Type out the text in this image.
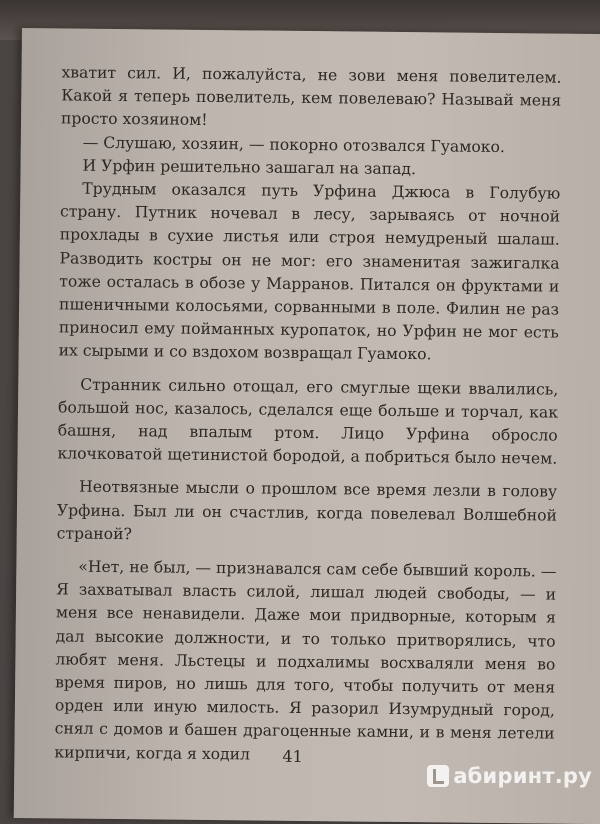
хватит сил. И, пожалуйста, не зови меня повелителем. Какой я теперь повелитель, кем повелеваю? Называй меня просто хозяином!

— Слушаю, хозяин, — покорно отозвался Гуамоко.

И Урфин решительно зашагал на запад.

Трудным оказался путь Урфина Джюса в Голубую страну. Путник ночевал в лесу, зарываясь от ночной прохлады в сухие листья или строя немудреный шалаш. Разводить костры он не мог: его знаменитая зажигалка тоже осталась в обозе у Марранов. Питался он фруктами и пшеничными колосьями, сорванными в поле. Филин не раз приносил ему пойманных куропаток, но Урфин не мог есть их сырыми и со вздохом возвращал Гуамоко.

Странник сильно отощал, его смуглые щеки ввалились, большой нос, казалось, сделался еще больше и торчал, как башня, над впалым ртом. Лицо Урфина обросло клочковатой щетинистой бородой, а побриться было нечем.

Неотвязные мысли о прошлом все время лезли в голову Урфина. Был ли он счастлив, когда повелевал Волшебной страной?

«Нет, не был, — признавался сам себе бывший король. — Я захватывал власть силой, лишал людей свободы, — и меня все ненавидели. Даже мои придворные, которым я дал высокие должности, и то только притворялись, что любят меня. Льстецы и подхалимы восхваляли меня во время пиров, но лишь для того, чтобы получить от меня орден или иную милость. Я разорил Изумрудный город, снял с домов и башен драгоценные камни, и в меня летели кирпичи, когда я ходил	41
абиринт.ру
